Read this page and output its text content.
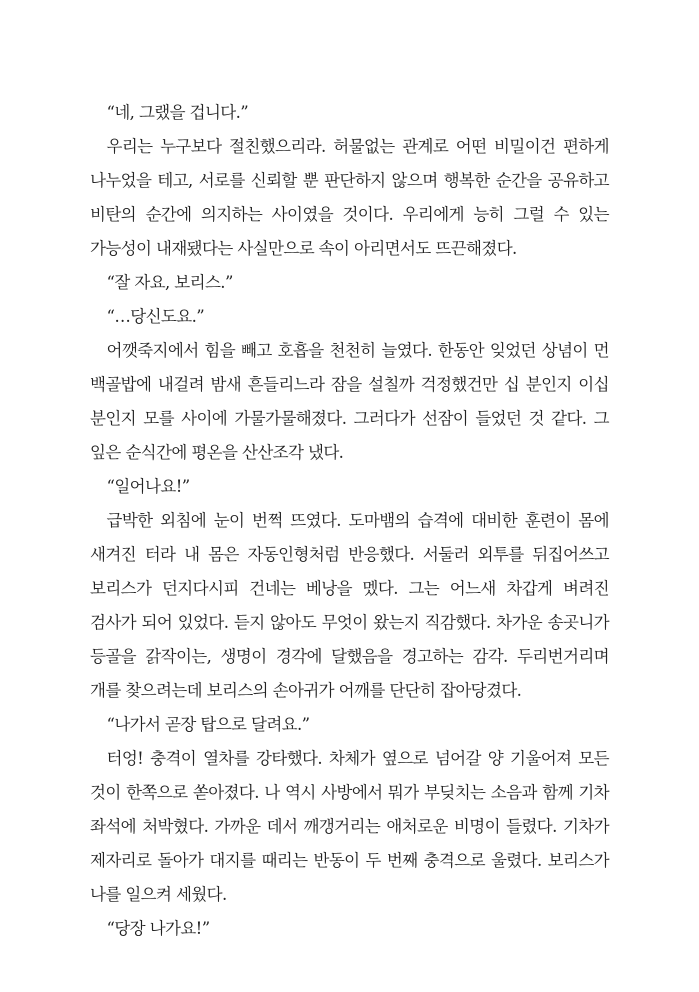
“네, 그랬을 겁니다.”

우리는 누구보다 절친했으리라. 허물없는 관계로 어떤 비밀이건 편하게 나누었을 테고, 서로를 신뢰할 뿐 판단하지 않으며 행복한 순간을 공유하고 비탄의 순간에 의지하는 사이였을 것이다. 우리에게 능히 그럴 수 있는 가능성이 내재됐다는 사실만으로 속이 아리면서도 뜨끈해졌다.

“잘 자요, 보리스.”

“…당신도요.”

어깻죽지에서 힘을 빼고 호흡을 천천히 늘였다. 한동안 잊었던 상념이 먼 백골밥에 내걸려 밤새 흔들리느라 잠을 설칠까 걱정했건만 십 분인지 이십 분인지 모를 사이에 가물가물해졌다. 그러다가 선잠이 들었던 것 같다. 그 잎은 순식간에 평온을 산산조각 냈다.

“일어나요!”

급박한 외침에 눈이 번쩍 뜨였다. 도마뱀의 습격에 대비한 훈련이 몸에 새겨진 터라 내 몸은 자동인형처럼 반응했다. 서둘러 외투를 뒤집어쓰고 보리스가 던지다시피 건네는 베낭을 멨다. 그는 어느새 차갑게 벼려진 검사가 되어 있었다. 듣지 않아도 무엇이 왔는지 직감했다. 차가운 송곳니가 등골을 갉작이는, 생명이 경각에 달했음을 경고하는 감각. 두리번거리며 개를 찾으려는데 보리스의 손아귀가 어깨를 단단히 잡아당겼다.

“나가서 곧장 탑으로 달려요.”

터엉! 충격이 열차를 강타했다. 차체가 옆으로 넘어갈 양 기울어져 모든 것이 한쪽으로 쏟아졌다. 나 역시 사방에서 뭐가 부딪치는 소음과 함께 기차 좌석에 처박혔다. 가까운 데서 깨갱거리는 애처로운 비명이 들렸다. 기차가 제자리로 돌아가 대지를 때리는 반동이 두 번째 충격으로 울렸다. 보리스가 나를 일으켜 세웠다.

“당장 나가요!”
